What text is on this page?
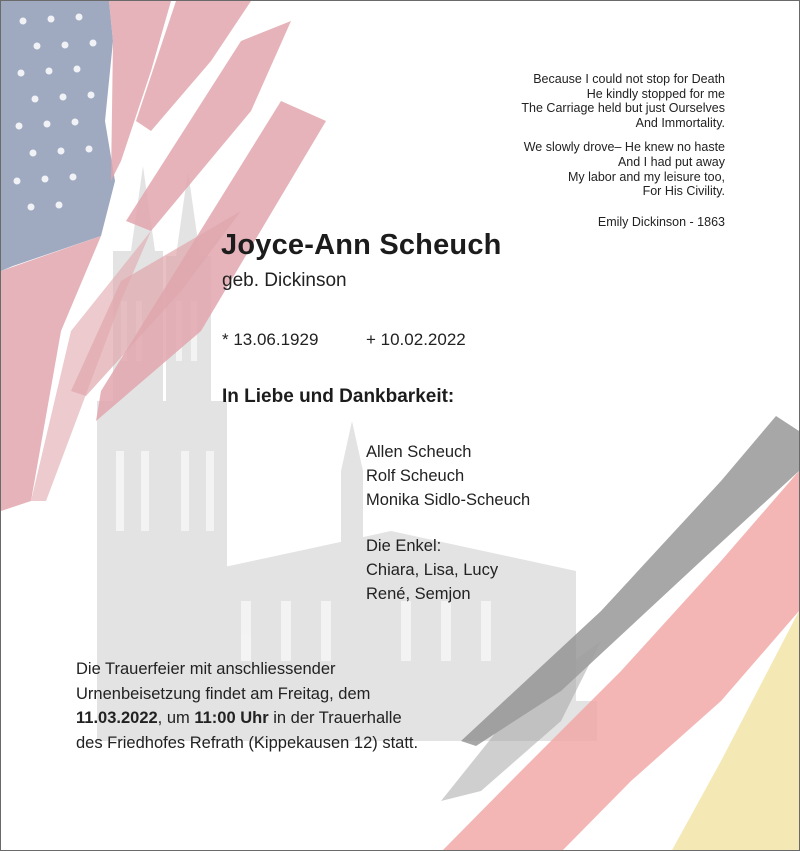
Because I could not stop for Death
He kindly stopped for me
The Carriage held but just Ourselves
And Immortality.
We slowly drove– He knew no haste
And I had put away
My labor and my leisure too,
For His Civility.
Emily Dickinson - 1863
Joyce-Ann Scheuch
geb. Dickinson
* 13.06.1929	+ 10.02.2022
In Liebe und Dankbarkeit:
Allen Scheuch
Rolf Scheuch
Monika Sidlo-Scheuch
Die Enkel:
Chiara, Lisa, Lucy
René, Semjon
Die Trauerfeier mit anschliessender
Urnenbeisetzung findet am Freitag, dem
11.03.2022, um 11:00 Uhr in der Trauerhalle
des Friedhofes Refrath (Kippekausen 12) statt.
